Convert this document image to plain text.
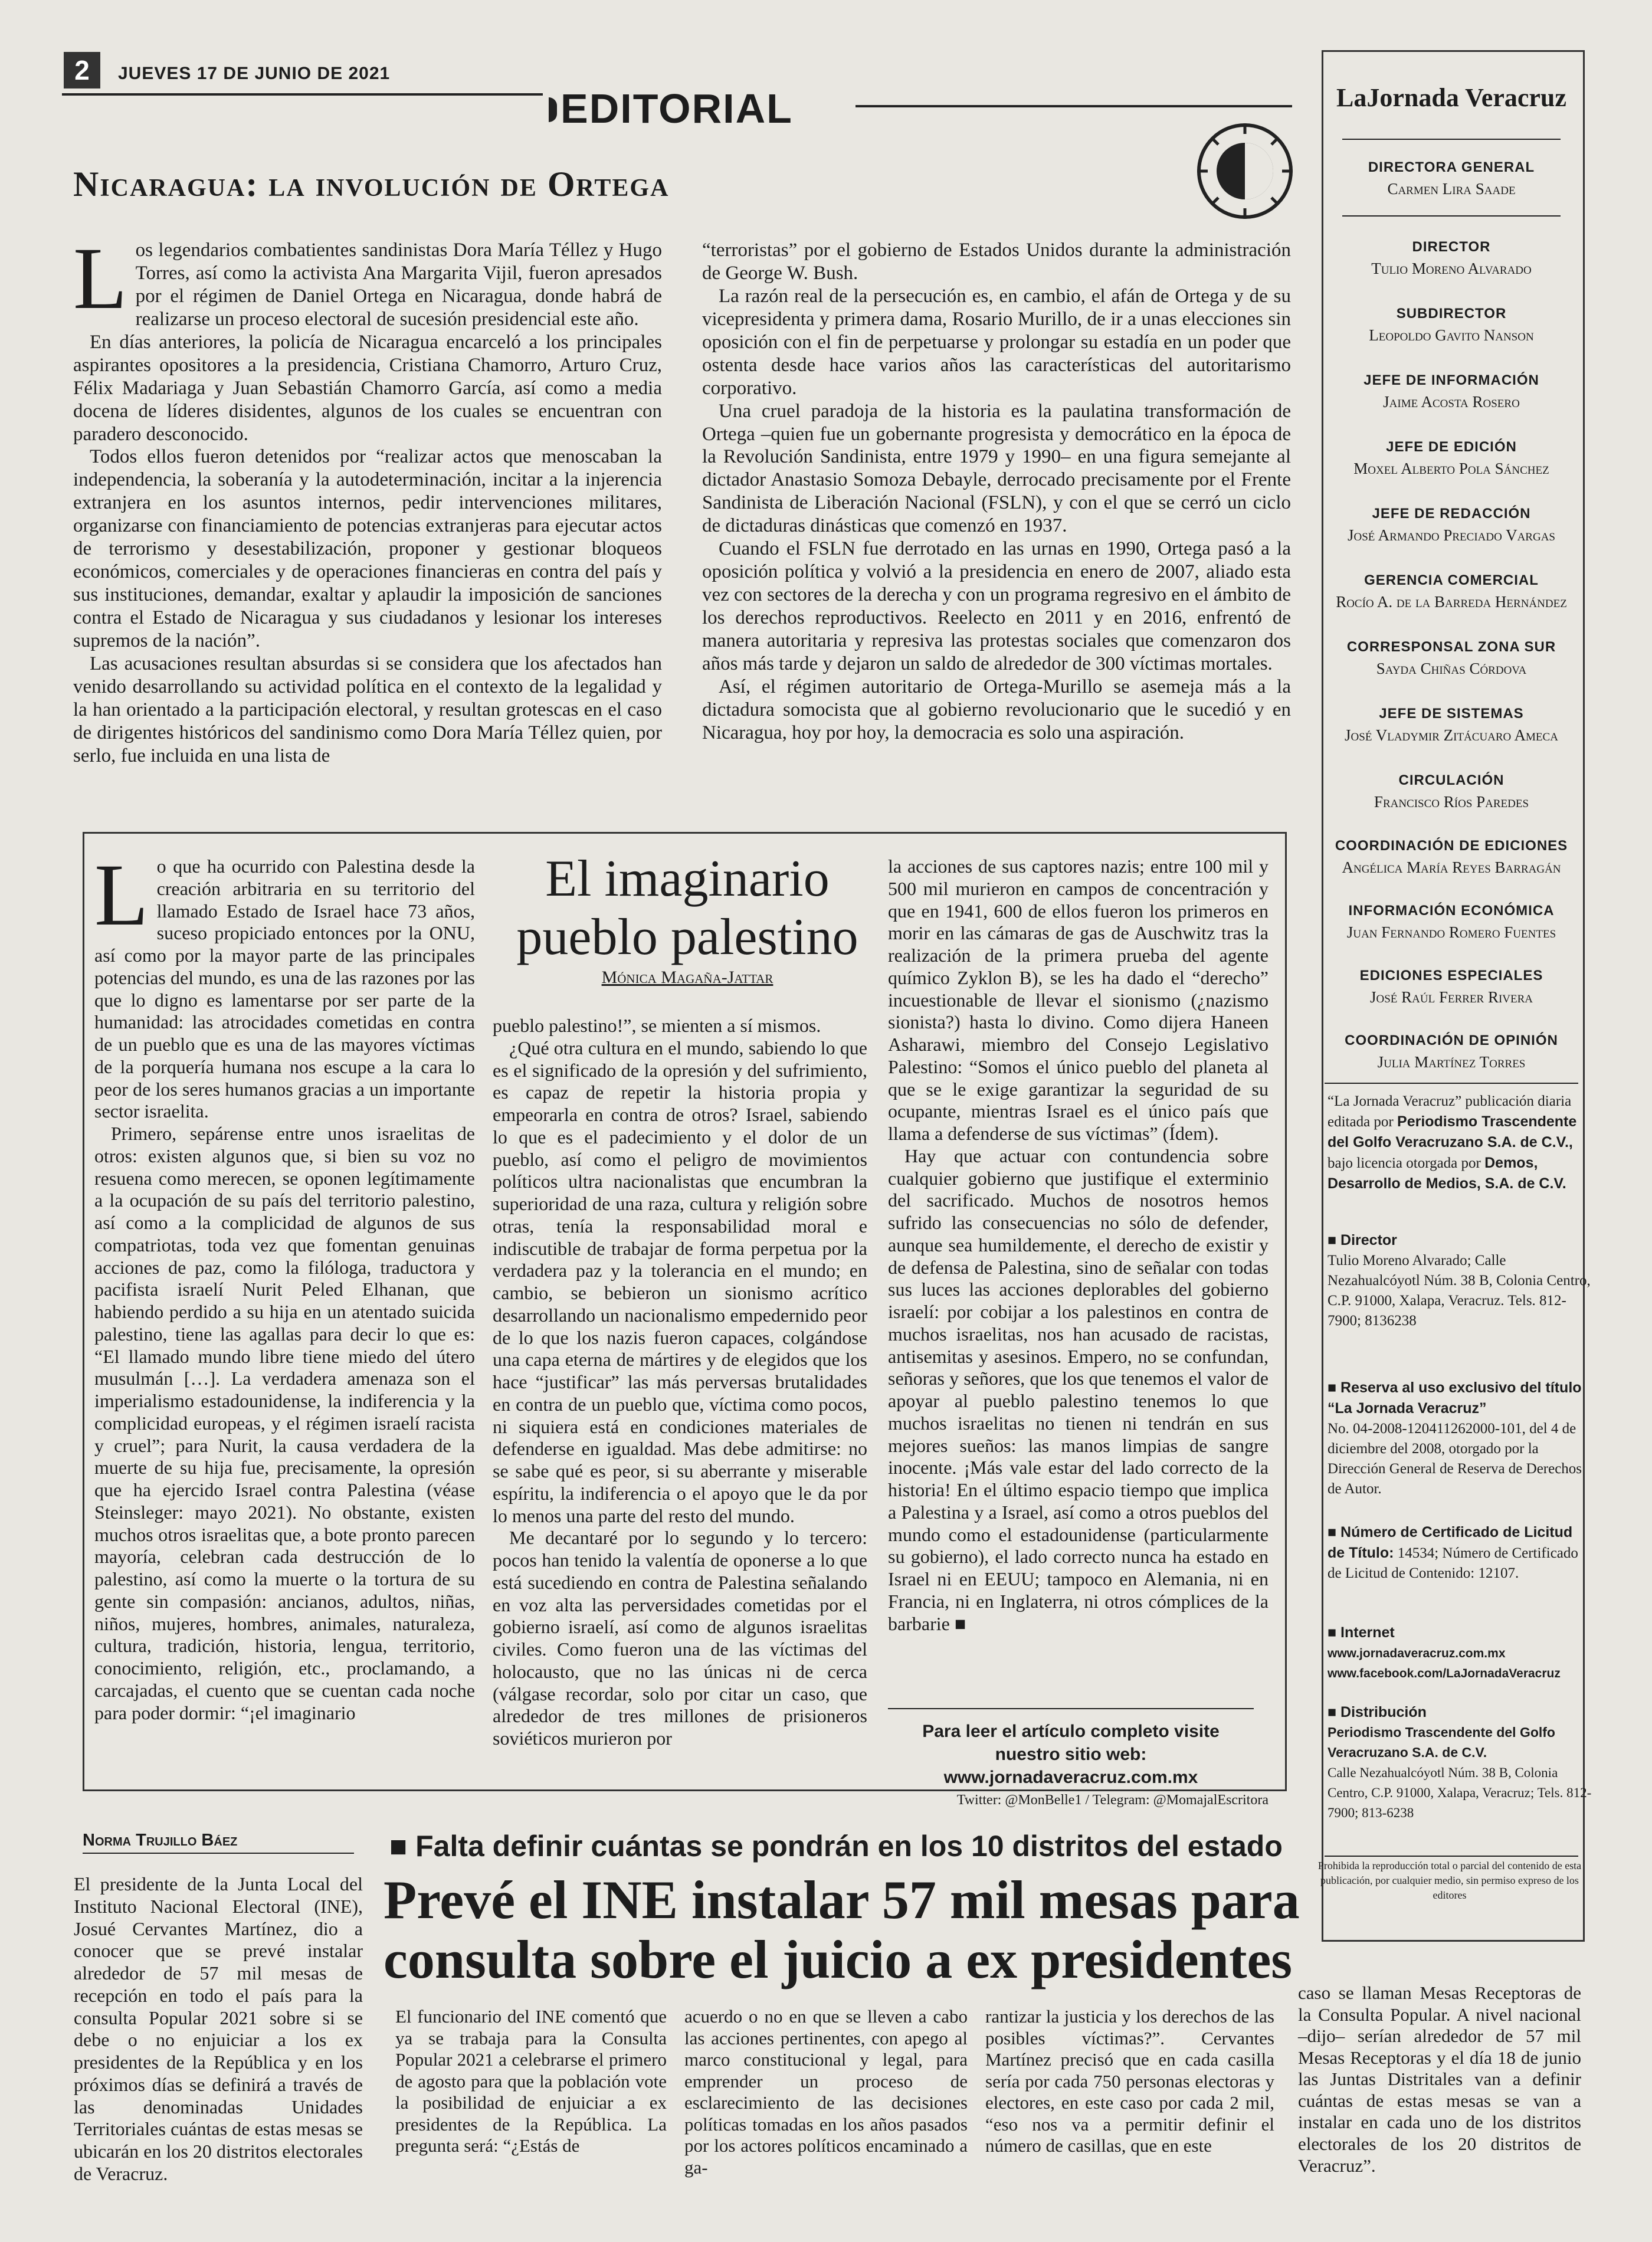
2	JUEVES 17 DE JUNIO DE 2021
EDITORIAL
Nicaragua: la involución de Ortega

Los legendarios combatientes sandinistas Dora María Téllez y Hugo Torres, así como la activista Ana Margarita Vijil, fueron apresados por el régimen de Daniel Ortega en Nicaragua, donde habrá de realizarse un proceso electoral de sucesión presidencial este año.

En días anteriores, la policía de Nicaragua encarceló a los principales aspirantes opositores a la presidencia, Cristiana Chamorro, Arturo Cruz, Félix Madariaga y Juan Sebastián Chamorro García, así como a media docena de líderes disidentes, algunos de los cuales se encuentran con paradero desconocido.

Todos ellos fueron detenidos por “realizar actos que menoscaban la independencia, la soberanía y la autodeterminación, incitar a la injerencia extranjera en los asuntos internos, pedir intervenciones militares, organizarse con financiamiento de potencias extranjeras para ejecutar actos de terrorismo y desestabilización, proponer y gestionar bloqueos económicos, comerciales y de operaciones financieras en contra del país y sus instituciones, demandar, exaltar y aplaudir la imposición de sanciones contra el Estado de Nicaragua y sus ciudadanos y lesionar los intereses supremos de la nación”.

Las acusaciones resultan absurdas si se considera que los afectados han venido desarrollando su actividad política en el contexto de la legalidad y la han orientado a la participación electoral, y resultan grotescas en el caso de dirigentes históricos del sandinismo como Dora María Téllez quien, por serlo, fue incluida en una lista de

“terroristas” por el gobierno de Estados Unidos durante la administración de George W. Bush.

La razón real de la persecución es, en cambio, el afán de Ortega y de su vicepresidenta y primera dama, Rosario Murillo, de ir a unas elecciones sin oposición con el fin de perpetuarse y prolongar su estadía en un poder que ostenta desde hace varios años las características del autoritarismo corporativo.

Una cruel paradoja de la historia es la paulatina transformación de Ortega –quien fue un gobernante progresista y democrático en la época de la Revolución Sandinista, entre 1979 y 1990– en una figura semejante al dictador Anastasio Somoza Debayle, derrocado precisamente por el Frente Sandinista de Liberación Nacional (FSLN), y con el que se cerró un ciclo de dictaduras dinásticas que comenzó en 1937.

Cuando el FSLN fue derrotado en las urnas en 1990, Ortega pasó a la oposición política y volvió a la presidencia en enero de 2007, aliado esta vez con sectores de la derecha y con un programa regresivo en el ámbito de los derechos reproductivos. Reelecto en 2011 y en 2016, enfrentó de manera autoritaria y represiva las protestas sociales que comenzaron dos años más tarde y dejaron un saldo de alrededor de 300 víctimas mortales.

Así, el régimen autoritario de Ortega-Murillo se asemeja más a la dictadura somocista que al gobierno revolucionario que le sucedió y en Nicaragua, hoy por hoy, la democracia es solo una aspiración.

El imaginario pueblo palestino
Mónica Magaña-Jattar

Lo que ha ocurrido con Palestina desde la creación arbitraria en su territorio del llamado Estado de Israel hace 73 años, suceso propiciado entonces por la ONU, así como por la mayor parte de las principales potencias del mundo, es una de las razones por las que lo digno es lamentarse por ser parte de la humanidad: las atrocidades cometidas en contra de un pueblo que es una de las mayores víctimas de la porquería humana nos escupe a la cara lo peor de los seres humanos gracias a un importante sector israelita.

Primero, sepárense entre unos israelitas de otros: existen algunos que, si bien su voz no resuena como merecen, se oponen legítimamente a la ocupación de su país del territorio palestino, así como a la complicidad de algunos de sus compatriotas, toda vez que fomentan genuinas acciones de paz, como la filóloga, traductora y pacifista israelí Nurit Peled Elhanan, que habiendo perdido a su hija en un atentado suicida palestino, tiene las agallas para decir lo que es: “El llamado mundo libre tiene miedo del útero musulmán […]. La verdadera amenaza son el imperialismo estadounidense, la indiferencia y la complicidad europeas, y el régimen israelí racista y cruel”; para Nurit, la causa verdadera de la muerte de su hija fue, precisamente, la opresión que ha ejercido Israel contra Palestina (véase Steinsleger: mayo 2021). No obstante, existen muchos otros israelitas que, a bote pronto parecen mayoría, celebran cada destrucción de lo palestino, así como la muerte o la tortura de su gente sin compasión: ancianos, adultos, niñas, niños, mujeres, hombres, animales, naturaleza, cultura, tradición, historia, lengua, territorio, conocimiento, religión, etc., proclamando, a carcajadas, el cuento que se cuentan cada noche para poder dormir: “¡el imaginario

pueblo palestino!”, se mienten a sí mismos.

¿Qué otra cultura en el mundo, sabiendo lo que es el significado de la opresión y del sufrimiento, es capaz de repetir la historia propia y empeorarla en contra de otros? Israel, sabiendo lo que es el padecimiento y el dolor de un pueblo, así como el peligro de movimientos políticos ultra nacionalistas que encumbran la superioridad de una raza, cultura y religión sobre otras, tenía la responsabilidad moral e indiscutible de trabajar de forma perpetua por la verdadera paz y la tolerancia en el mundo; en cambio, se bebieron un sionismo acrítico desarrollando un nacionalismo empedernido peor de lo que los nazis fueron capaces, colgándose una capa eterna de mártires y de elegidos que los hace “justificar” las más perversas brutalidades en contra de un pueblo que, víctima como pocos, ni siquiera está en condiciones materiales de defenderse en igualdad. Mas debe admitirse: no se sabe qué es peor, si su aberrante y miserable espíritu, la indiferencia o el apoyo que le da por lo menos una parte del resto del mundo.

Me decantaré por lo segundo y lo tercero: pocos han tenido la valentía de oponerse a lo que está sucediendo en contra de Palestina señalando en voz alta las perversidades cometidas por el gobierno israelí, así como de algunos israelitas civiles. Como fueron una de las víctimas del holocausto, que no las únicas ni de cerca (válgase recordar, solo por citar un caso, que alrededor de tres millones de prisioneros soviéticos murieron por

la acciones de sus captores nazis; entre 100 mil y 500 mil murieron en campos de concentración y que en 1941, 600 de ellos fueron los primeros en morir en las cámaras de gas de Auschwitz tras la realización de la primera prueba del agente químico Zyklon B), se les ha dado el “derecho” incuestionable de llevar el sionismo (¿nazismo sionista?) hasta lo divino. Como dijera Haneen Asharawi, miembro del Consejo Legislativo Palestino: “Somos el único pueblo del planeta al que se le exige garantizar la seguridad de su ocupante, mientras Israel es el único país que llama a defenderse de sus víctimas” (Ídem).

Hay que actuar con contundencia sobre cualquier gobierno que justifique el exterminio del sacrificado. Muchos de nosotros hemos sufrido las consecuencias no sólo de defender, aunque sea humildemente, el derecho de existir y de defensa de Palestina, sino de señalar con todas sus luces las acciones deplorables del gobierno israelí: por cobijar a los palestinos en contra de muchos israelitas, nos han acusado de racistas, antisemitas y asesinos. Empero, no se confundan, señoras y señores, que los que tenemos el valor de apoyar al pueblo palestino tenemos lo que muchos israelitas no tienen ni tendrán en sus mejores sueños: las manos limpias de sangre inocente. ¡Más vale estar del lado correcto de la historia! En el último espacio tiempo que implica a Palestina y a Israel, así como a otros pueblos del mundo como el estadounidense (particularmente su gobierno), el lado correcto nunca ha estado en Israel ni en EEUU; tampoco en Alemania, ni en Francia, ni en Inglaterra, ni otros cómplices de la barbarie ■

Para leer el artículo completo visite nuestro sitio web: www.jornadaveracruz.com.mx
Twitter: @MonBelle1 / Telegram: @MomajalEscritora
LaJornada Veracruz
DIRECTORA GENERAL
Carmen Lira Saade
DIRECTOR
Tulio Moreno Alvarado
SUBDIRECTOR
Leopoldo Gavito Nanson
JEFE DE INFORMACIÓN
Jaime Acosta Rosero
JEFE DE EDICIÓN
Moxel Alberto Pola Sánchez
JEFE DE REDACCIÓN
José Armando Preciado Vargas
GERENCIA COMERCIAL
Rocío A. de la Barreda Hernández
CORRESPONSAL ZONA SUR
Sayda Chiñas Córdova
JEFE DE SISTEMAS
José Vladymir Zitácuaro Ameca
CIRCULACIÓN
Francisco Ríos Paredes
COORDINACIÓN DE EDICIONES
Angélica María Reyes Barragán
INFORMACIÓN ECONÓMICA
Juan Fernando Romero Fuentes
EDICIONES ESPECIALES
José Raúl Ferrer Rivera
COORDINACIÓN DE OPINIÓN
Julia Martínez Torres
“La Jornada Veracruz” publicación diaria editada por Periodismo Trascendente del Golfo Veracruzano S.A. de C.V., bajo licencia otorgada por Demos, Desarrollo de Medios, S.A. de C.V.
■ Director
Tulio Moreno Alvarado; Calle Nezahualcóyotl Núm. 38 B, Colonia Centro, C.P. 91000, Xalapa, Veracruz. Tels. 812-7900; 8136238
■ Reserva al uso exclusivo del título “La Jornada Veracruz”
No. 04-2008-120411262000-101, del 4 de diciembre del 2008, otorgado por la Dirección General de Reserva de Derechos de Autor.
■ Número de Certificado de Licitud de Título: 14534; Número de Certificado de Licitud de Contenido: 12107.
■ Internet
www.jornadaveracruz.com.mx
www.facebook.com/LaJornadaVeracruz
■ Distribución
Periodismo Trascendente del Golfo Veracruzano S.A. de C.V.
Calle Nezahualcóyotl Núm. 38 B, Colonia Centro, C.P. 91000, Xalapa, Veracruz; Tels. 812-7900; 813-6238
Prohibida la reproducción total o parcial del contenido de esta publicación, por cualquier medio, sin permiso expreso de los editores
Norma Trujillo Báez	■ Falta definir cuántas se pondrán en los 10 distritos del estado
Prevé el INE instalar 57 mil mesas para consulta sobre el juicio a ex presidentes

El presidente de la Junta Local del Instituto Nacional Electoral (INE), Josué Cervantes Martínez, dio a conocer que se prevé instalar alrededor de 57 mil mesas de recepción en todo el país para la consulta Popular 2021 sobre si se debe o no enjuiciar a los ex presidentes de la República y en los próximos días se definirá a través de las denominadas Unidades Territoriales cuántas de estas mesas se ubicarán en los 20 distritos electorales de Veracruz.

El funcionario del INE comentó que ya se trabaja para la Consulta Popular 2021 a celebrarse el primero de agosto para que la población vote la posibilidad de enjuiciar a ex presidentes de la República. La pregunta será: “¿Estás de

acuerdo o no en que se lleven a cabo las acciones pertinentes, con apego al marco constitucional y legal, para emprender un proceso de esclarecimiento de las decisiones políticas tomadas en los años pasados por los actores políticos encaminado a ga-

rantizar la justicia y los derechos de las posibles víctimas?”. Cervantes Martínez precisó que en cada casilla sería por cada 750 personas electoras y electores, en este caso por cada 2 mil, “eso nos va a permitir definir el número de casillas, que en este

caso se llaman Mesas Receptoras de la Consulta Popular. A nivel nacional –dijo– serían alrededor de 57 mil Mesas Receptoras y el día 18 de junio las Juntas Distritales van a definir cuántas de estas mesas se van a instalar en cada uno de los distritos electorales de los 20 distritos de Veracruz”.
